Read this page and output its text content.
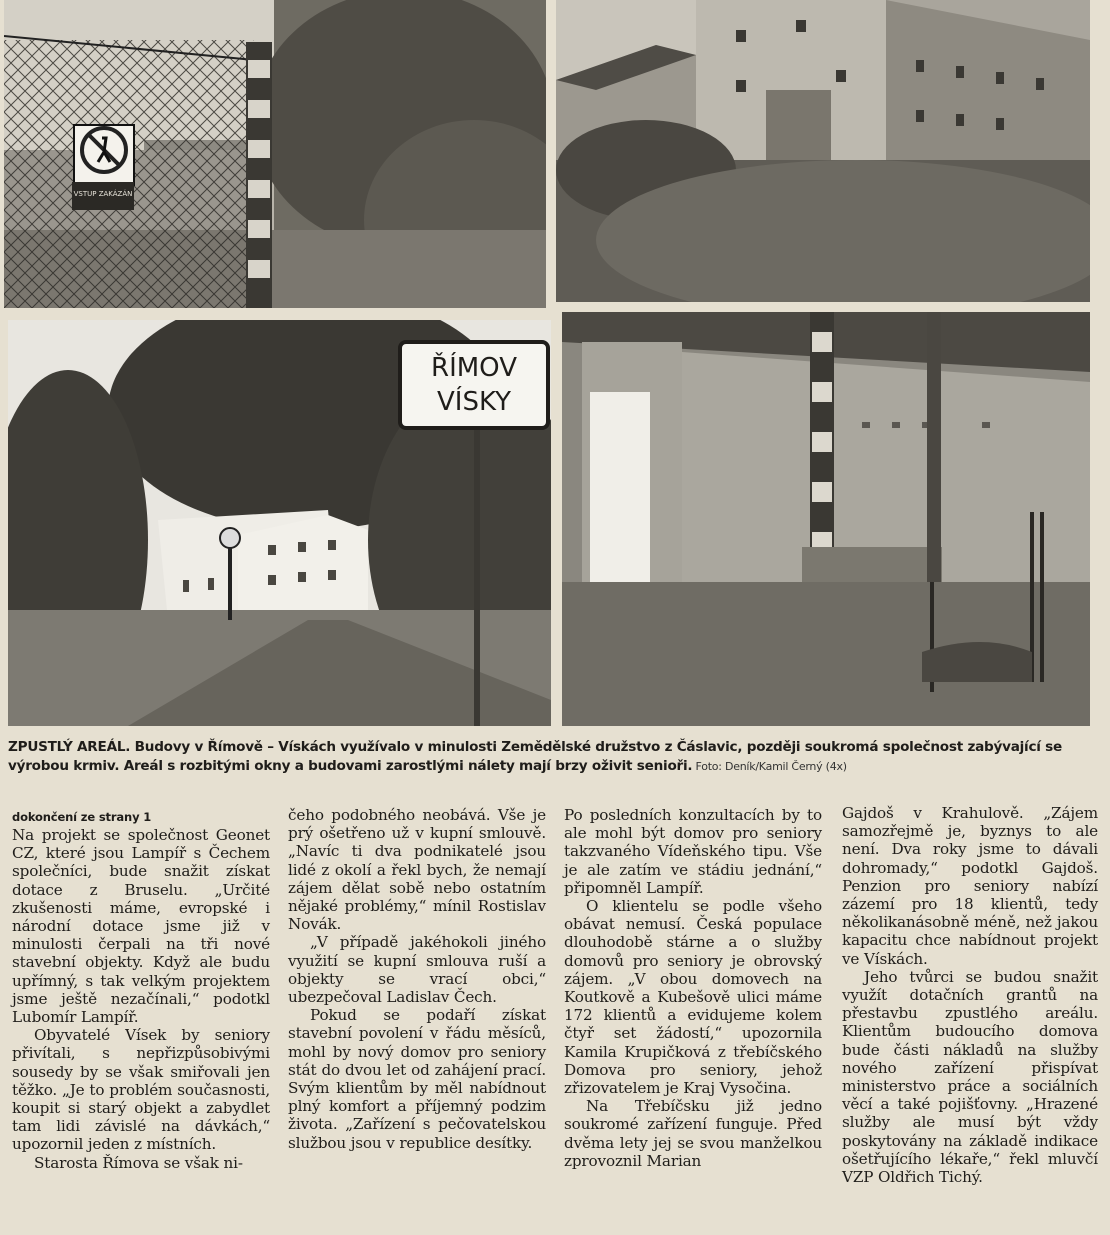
VSTUP ZAKÁZÁN
ŘÍMOV
VÍSKY
ZPUSTLÝ AREÁL. Budovy v Římově – Vískách využívalo v minulosti Zemědělské družstvo z Čáslavic, později soukromá společnost zabývající se výrobou krmiv. Areál s rozbitými okny a budovami zarostlými nálety mají brzy oživit senioři. Foto: Deník/Kamil Černý (4x)
dokončení ze strany 1

Na projekt se společnost Geonet CZ, které jsou Lampíř s Čechem společníci, bude snažit získat dotace z Bruselu. „Určité zkušenosti máme, evropské i národní dotace jsme již v minulosti čerpali na tři nové stavební objekty. Když ale budu upřímný, s tak velkým projektem jsme ještě nezačínali,“ podotkl Lubomír Lampíř.

Obyvatelé Vísek by seniory přivítali, s nepřizpůsobivými sousedy by se však smiřovali jen těžko. „Je to problém současnosti, koupit si starý objekt a zabydlet tam lidi závislé na dávkách,“ upozornil jeden z místních.

Starosta Římova se však ni-

čeho podobného neobává. Vše je prý ošetřeno už v kupní smlouvě. „Navíc ti dva podnikatelé jsou lidé z okolí a řekl bych, že nemají zájem dělat sobě nebo ostatním nějaké problémy,“ mínil Rostislav Novák.

„V případě jakéhokoli jiného využití se kupní smlouva ruší a objekty se vrací obci,“ ubezpečoval Ladislav Čech.

Pokud se podaří získat stavební povolení v řádu měsíců, mohl by nový domov pro seniory stát do dvou let od zahájení prací. Svým klientům by měl nabídnout plný komfort a příjemný podzim života. „Zařízení s pečovatelskou službou jsou v republice desítky.

Po posledních konzultacích by to ale mohl být domov pro seniory takzvaného Vídeňského tipu. Vše je ale zatím ve stádiu jednání,“ připomněl Lampíř.

O klientelu se podle všeho obávat nemusí. Česká populace dlouhodobě stárne a o služby domovů pro seniory je obrovský zájem. „V obou domovech na Koutkově a Kubešově ulici máme 172 klientů a evidujeme kolem čtyř set žádostí,“ upozornila Kamila Krupičková z třebíčského Domova pro seniory, jehož zřizovatelem je Kraj Vysočina.

Na Třebíčsku již jedno soukromé zařízení funguje. Před dvěma lety jej se svou manželkou zprovoznil Marian

Gajdoš v Krahulově. „Zájem samozřejmě je, byznys to ale není. Dva roky jsme to dávali dohromady,“ podotkl Gajdoš. Penzion pro seniory nabízí zázemí pro 18 klientů, tedy několikanásobně méně, než jakou kapacitu chce nabídnout projekt ve Vískách.

Jeho tvůrci se budou snažit využít dotačních grantů na přestavbu zpustlého areálu. Klientům budoucího domova bude části nákladů na služby nového zařízení přispívat ministerstvo práce a sociálních věcí a také pojišťovny. „Hrazené služby ale musí být vždy poskytovány na základě indikace ošetřujícího lékaře,“ řekl mluvčí VZP Oldřich Tichý.
